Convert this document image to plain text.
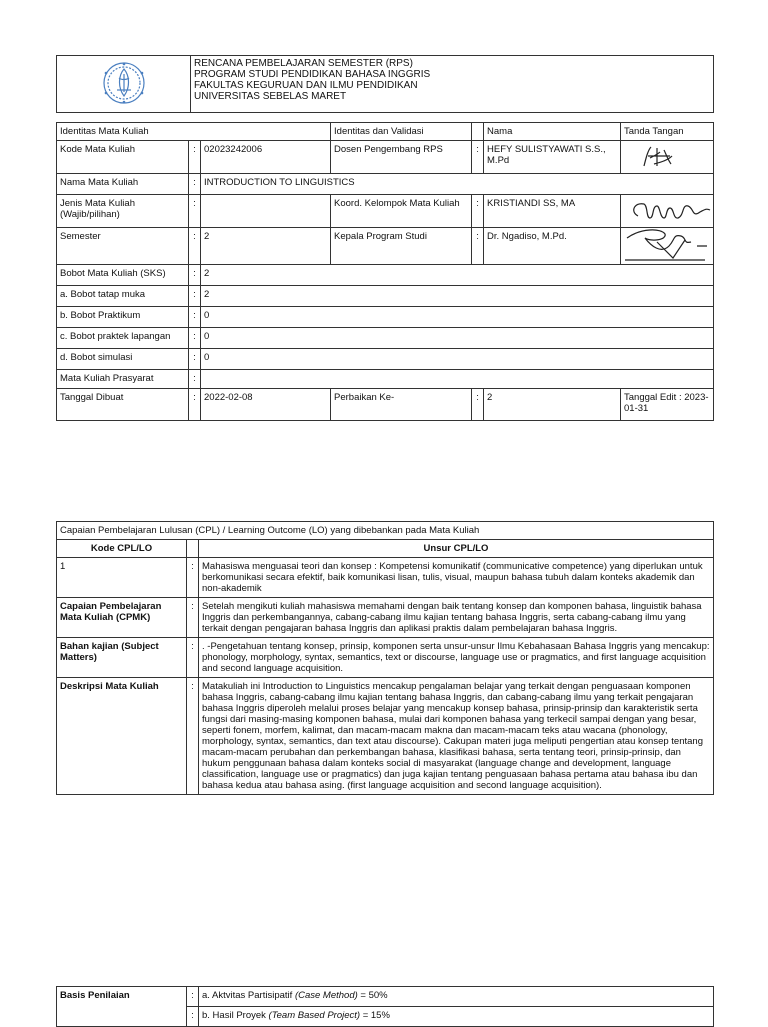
RENCANA PEMBELAJARAN SEMESTER (RPS)
PROGRAM STUDI PENDIDIKAN BAHASA INGGRIS
FAKULTAS KEGURUAN DAN ILMU PENDIDIKAN
UNIVERSITAS SEBELAS MARET
Identitas Mata Kuliah			Identitas dan Validasi		Nama	Tanda Tangan
Kode Mata Kuliah	:	02023242006	Dosen Pengembang RPS	:	HEFY SULISTYAWATI S.S., M.Pd	

Nama Mata Kuliah	:	INTRODUCTION TO LINGUISTICS				
Jenis Mata Kuliah (Wajib/pilihan)	:		Koord. Kelompok Mata Kuliah	:	KRISTIANDI SS, MA	

Semester	:	2	Kepala Program Studi	:	Dr. Ngadiso, M.Pd.	

Bobot Mata Kuliah (SKS)	:	2				
a. Bobot tatap muka	:	2				
b. Bobot Praktikum	:	0				
c. Bobot praktek lapangan	:	0				
d. Bobot simulasi	:	0				
Mata Kuliah Prasyarat	:					
Tanggal Dibuat	:	2022-02-08	Perbaikan Ke-	:	2	Tanggal Edit : 2023-01-31
Capaian Pembelajaran Lulusan (CPL) / Learning Outcome (LO) yang dibebankan pada Mata Kuliah		
Kode CPL/LO		Unsur CPL/LO
1	:	Mahasiswa menguasai teori dan konsep : Kompetensi komunikatif (communicative competence) yang diperlukan untuk berkomunikasi secara efektif, baik komunikasi lisan, tulis, visual, maupun bahasa tubuh dalam konteks akademik dan non-akademik
Capaian Pembelajaran Mata Kuliah (CPMK)	:	Setelah mengikuti kuliah mahasiswa memahami dengan baik tentang konsep dan komponen bahasa, linguistik bahasa Inggris dan perkembangannya, cabang-cabang ilmu kajian tentang bahasa Inggris, serta cabang-cabang ilmu yang terkait dengan pengajaran bahasa Inggris dan aplikasi praktis dalam pembelajaran bahasa Inggris.
Bahan kajian (Subject Matters)	:	. -Pengetahuan tentang konsep, prinsip, komponen serta unsur-unsur Ilmu Kebahasaan Bahasa Inggris yang mencakup: phonology, morphology, syntax, semantics, text or discourse, language use or pragmatics, and first language acquisition and second language acquisition.
Deskripsi Mata Kuliah	:	Matakuliah ini Introduction to Linguistics mencakup pengalaman belajar yang terkait dengan penguasaan komponen bahasa Inggris, cabang-cabang ilmu kajian tentang bahasa Inggris, dan cabang-cabang ilmu yang terkait pengajaran bahasa Inggris diperoleh melalui proses belajar yang mencakup konsep bahasa, prinsip-prinsip dan karakteristik serta fungsi dari masing-masing komponen bahasa, mulai dari komponen bahasa yang terkecil sampai dengan yang besar, seperti fonem, morfem, kalimat, dan macam-macam makna dan macam-macam teks atau wacana (phonology, morphology, syntax, semantics, dan text atau discourse). Cakupan materi juga meliputi pengertian atau konsep tentang macam-macam perubahan dan perkembangan bahasa, klasifikasi bahasa, serta tentang teori, prinsip-prinsip, dan hukum penggunaan bahasa dalam konteks social di masyarakat (language change and development, language classification, language use or pragmatics) dan juga kajian tentang penguasaan bahasa pertama atau bahasa ibu dan bahasa kedua atau bahasa asing. (first language acquisition and second language acquisition).
Basis Penilaian	:	a. Aktvitas Partisipatif (Case Method) = 50%
	:	b. Hasil Proyek (Team Based Project) = 15%
